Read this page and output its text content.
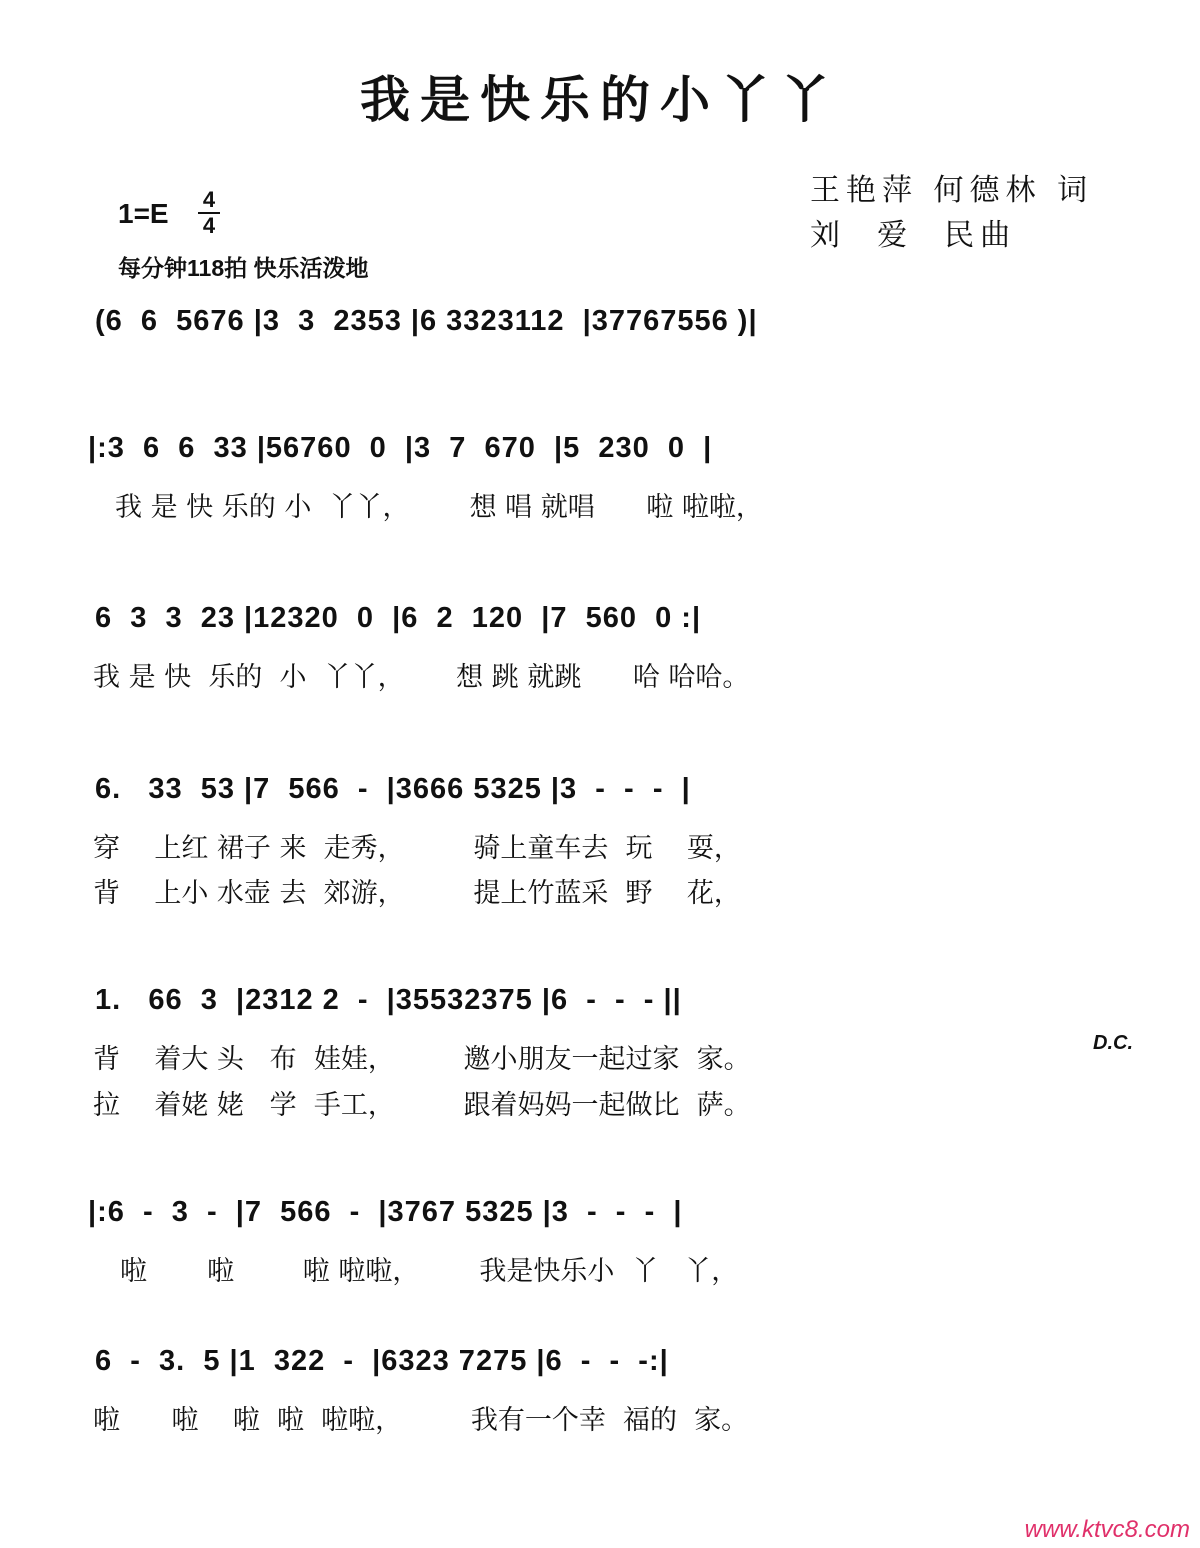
我是快乐的小丫丫
王艳萍 何德林 词
刘  爱  民曲
1=E 4
4
每分钟118拍 快乐活泼地
(6  6  5676 |3  3  2353 |6 3323112  |37767556 )|
|:3  6  6  33 |56760  0  |3  7  670  |5  230  0  |
我 是 快 乐的 小  丫丫，       想 唱 就唱      啦 啦啦，
6  3  3  23 |12320  0  |6  2  120  |7  560  0 :|
我 是 快  乐的  小  丫丫，      想 跳 就跳      哈 哈哈。
6.   33  53 |7  566  -  |3666 5325 |3  -  -  -  |
穿    上红 裙子 来  走秀，        骑上童车去  玩    耍，
背    上小 水壶 去  郊游，        提上竹蓝采  野    花，
1.   66  3  |2312 2  -  |35532375 |6  -  -  - ||
背    着大 头   布  娃娃，        邀小朋友一起过家  家。
拉    着姥 姥   学  手工，        跟着妈妈一起做比  萨。
D.C.
|:6  -  3  -  |7  566  -  |3767 5325 |3  -  -  -  |
啦       啦        啦 啦啦，       我是快乐小  丫   丫，
6  -  3.  5 |1  322  -  |6323 7275 |6  -  -  -:|
啦      啦    啦  啦  啦啦，        我有一个幸  福的  家。
www.ktvc8.com
